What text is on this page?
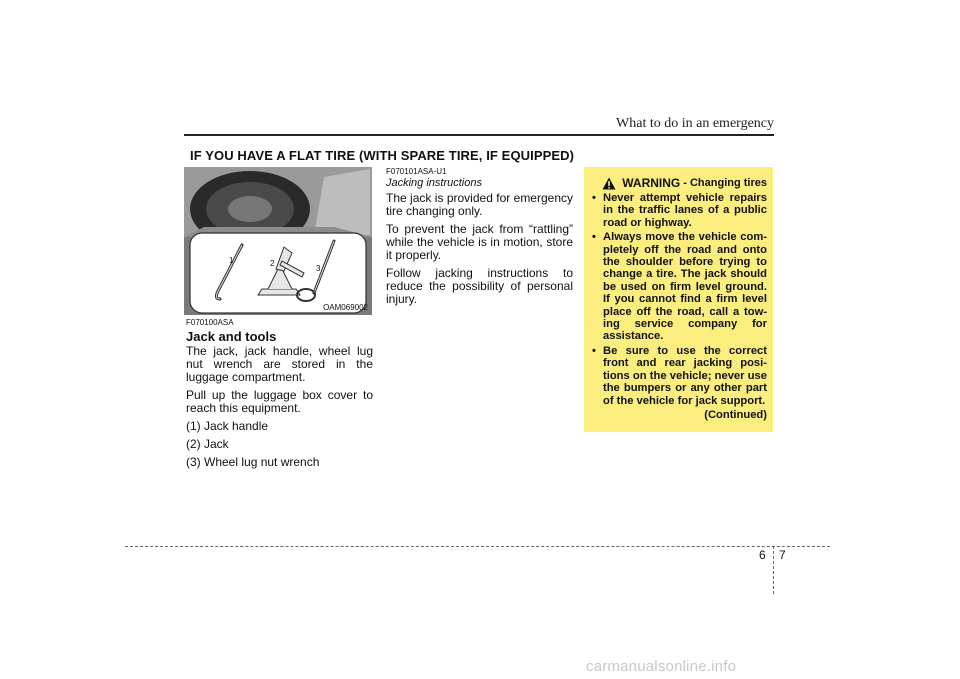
What to do in an emergency
IF YOU HAVE A FLAT TIRE (WITH SPARE TIRE, IF EQUIPPED)
1	2
3
OAM069002
F070100ASA
Jack and tools
The jack, jack handle, wheel lug nut wrench are stored in the luggage compartment.
Pull up the luggage box cover to reach this equipment.
(1) Jack handle
(2) Jack
(3) Wheel lug nut wrench
F070101ASA-U1
Jacking instructions
The jack is provided for emergency tire changing only.
To prevent the jack from “rattling” while the vehicle is in motion, store it properly.
Follow jacking instructions to reduce the possibility of personal injury.
WARNING - Changing tires
• Never attempt vehicle repairs in the traffic lanes of a public road or highway.
• Always move the vehicle com-pletely off the road and onto the shoulder before trying to change a tire. The jack should be used on firm level ground. If you cannot find a firm level place off the road, call a tow-ing service company for assistance.
• Be sure to use the correct front and rear jacking posi-tions on the vehicle; never use the bumpers or any other part of the vehicle for jack support.
(Continued)
6 7
carmanualsonline.info
